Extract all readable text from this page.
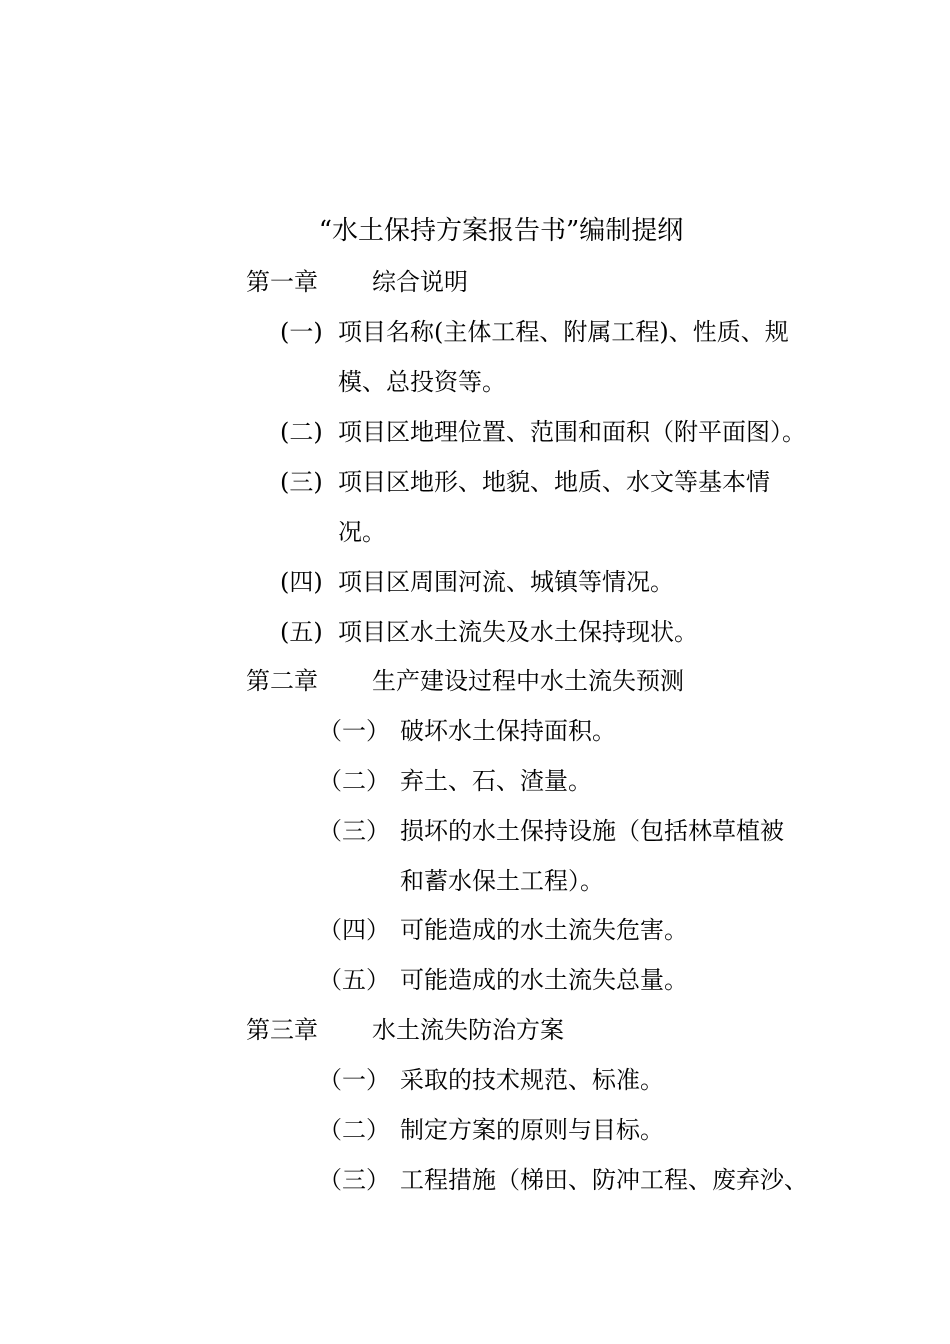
“水土保持方案报告书”编制提纲
第一章 综合说明
(一) 项目名称(主体工程、附属工程)、性质、规
模、总投资等。
(二) 项目区地理位置、范围和面积（附平面图）。
(三) 项目区地形、地貌、地质、水文等基本情
况。
(四) 项目区周围河流、城镇等情况。
(五) 项目区水土流失及水土保持现状。
第二章 生产建设过程中水土流失预测
（一） 破坏水土保持面积。
（二） 弃土、石、渣量。
（三） 损坏的水土保持设施（包括林草植被
和蓄水保土工程）。
（四） 可能造成的水土流失危害。
（五） 可能造成的水土流失总量。
第三章 水土流失防治方案
（一） 采取的技术规范、标准。
（二） 制定方案的原则与目标。
（三） 工程措施（梯田、防冲工程、废弃沙、
